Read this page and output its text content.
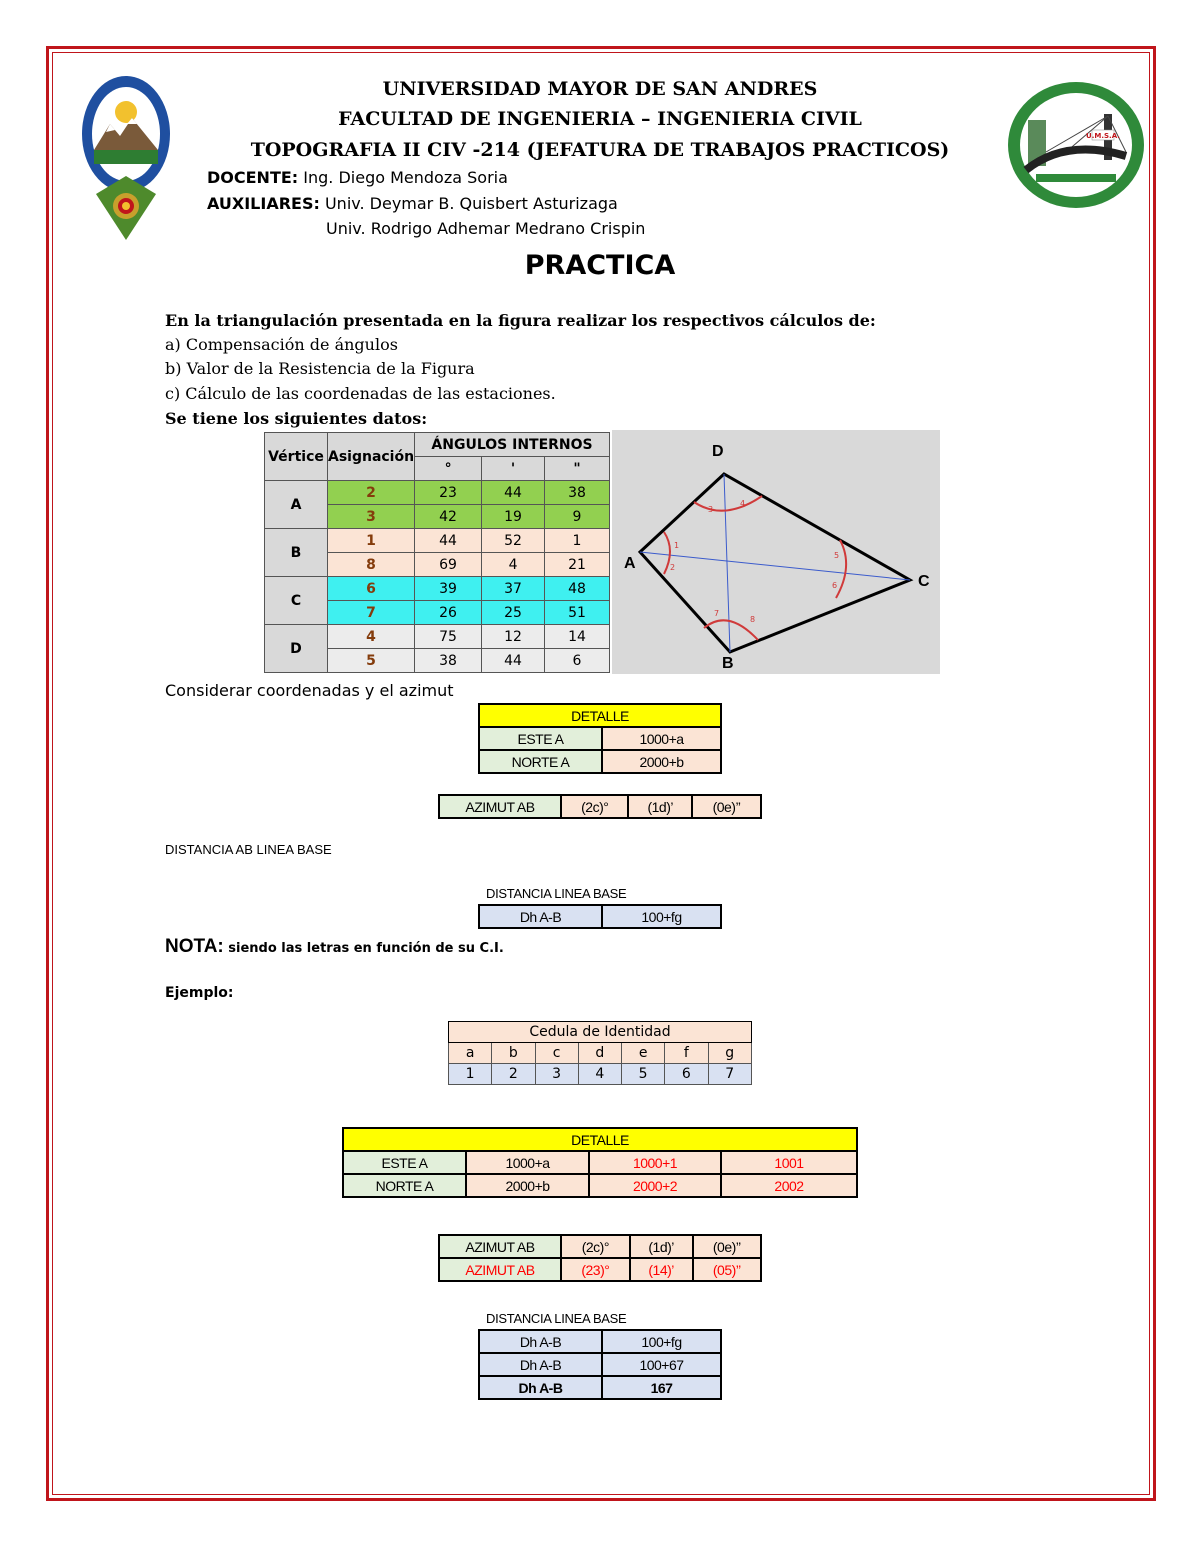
U.M.S.A.
UNIVERSIDAD MAYOR DE SAN ANDRES
FACULTAD DE INGENIERIA – INGENIERIA CIVIL
TOPOGRAFIA II CIV -214 (JEFATURA DE TRABAJOS PRACTICOS)
DOCENTE: Ing. Diego Mendoza Soria
AUXILIARES: Univ. Deymar B. Quisbert Asturizaga
Univ. Rodrigo Adhemar Medrano Crispin
PRACTICA
En la triangulación presentada en la figura realizar los respectivos cálculos de:
a) Compensación de ángulos
b) Valor de la Resistencia de la Figura
c) Cálculo de las coordenadas de las estaciones.
Se tiene los siguientes datos:
Vértice	Asignación	ÁNGULOS INTERNOS		
		°	'	"
A	2	23	44	38
	3	42	19	9
B	1	44	52	1
	8	69	4	21
C	6	39	37	48
	7	26	25	51
D	4	75	12	14
	5	38	44	6
1
2
3
4
5
6
7
8
D
A
C
B
Considerar coordenadas y el azimut
DETALLE	
ESTE A	1000+a
NORTE A	2000+b
AZIMUT AB	(2c)°	(1d)’	(0e)’’
DISTANCIA AB LINEA BASE
DISTANCIA LINEA BASE
Dh A-B	100+fg
NOTA: siendo las letras en función de su C.I.
Ejemplo:
Cedula de Identidad						
a	b	c	d	e	f	g
1	2	3	4	5	6	7
DETALLE			
ESTE A	1000+a	1000+1	1001
NORTE A	2000+b	2000+2	2002
AZIMUT AB	(2c)°	(1d)’	(0e)’’
AZIMUT AB	(23)°	(14)’	(05)’’
DISTANCIA LINEA BASE
Dh A-B	100+fg
Dh A-B	100+67
Dh A-B	167
